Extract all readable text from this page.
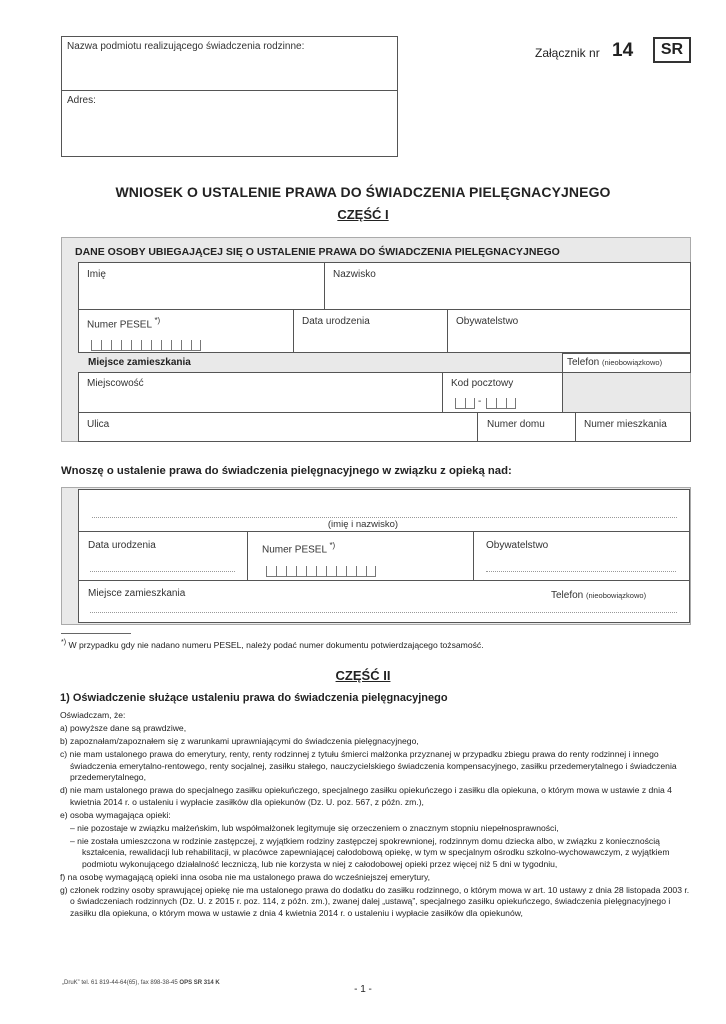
Nazwa podmiotu realizującego świadczenia rodzinne:
Adres:
Załącznik nr 14	SR
WNIOSEK O USTALENIE PRAWA DO ŚWIADCZENIA PIELĘGNACYJNEGO
CZĘŚĆ I
DANE OSOBY UBIEGAJĄCEJ SIĘ O USTALENIE PRAWA DO ŚWIADCZENIA PIELĘGNACYJNEGO
Imię	Nazwisko
Numer PESEL *)	Data urodzenia	Obywatelstwo
Miejsce zamieszkania	Telefon (nieobowiązkowo)
Miejscowość	Kod pocztowy
-
Ulica	Numer domu	Numer mieszkania
Wnoszę o ustalenie prawa do świadczenia pielęgnacyjnego w związku z opieką nad:
(imię i nazwisko)
Data urodzenia	Numer PESEL *)	Obywatelstwo
Miejsce zamieszkania	Telefon (nieobowiązkowo)
*) W przypadku gdy nie nadano numeru PESEL, należy podać numer dokumentu potwierdzającego tożsamość.
CZĘŚĆ II
1) Oświadczenie służące ustaleniu prawa do świadczenia pielęgnacyjnego

Oświadczam, że:

a) powyższe dane są prawdziwe,

b) zapoznałam/zapoznałem się z warunkami uprawniającymi do świadczenia pielęgnacyjnego,

c) nie mam ustalonego prawa do emerytury, renty, renty rodzinnej z tytułu śmierci małżonka przyznanej w przypadku zbiegu prawa do renty rodzinnej i innego świadczenia emerytalno-rentowego, renty socjalnej, zasiłku stałego, nauczycielskiego świadczenia kompensacyjnego, zasiłku przedemerytalnego i świadczenia przedemerytalnego,

d) nie mam ustalonego prawa do specjalnego zasiłku opiekuńczego, specjalnego zasiłku opiekuńczego i zasiłku dla opiekuna, o którym mowa w ustawie z dnia 4 kwietnia 2014 r. o ustaleniu i wypłacie zasiłków dla opiekunów (Dz. U. poz. 567, z późn. zm.),

e) osoba wymagająca opieki:

– nie pozostaje w związku małżeńskim, lub współmałżonek legitymuje się orzeczeniem o znacznym stopniu niepełnosprawności,

– nie została umieszczona w rodzinie zastępczej, z wyjątkiem rodziny zastępczej spokrewnionej, rodzinnym domu dziecka albo, w związku z koniecznością kształcenia, rewalidacji lub rehabilitacji, w placówce zapewniającej całodobową opiekę, w tym w specjalnym ośrodku szkolno-wychowawczym, z wyjątkiem podmiotu wykonującego działalność leczniczą, lub nie korzysta w niej z całodobowej opieki przez więcej niż 5 dni w tygodniu,

f) na osobę wymagającą opieki inna osoba nie ma ustalonego prawa do wcześniejszej emerytury,

g) członek rodziny osoby sprawującej opiekę nie ma ustalonego prawa do dodatku do zasiłku rodzinnego, o którym mowa w art. 10 ustawy z dnia 28 listopada 2003 r. o świadczeniach rodzinnych (Dz. U. z 2015 r. poz. 114, z późn. zm.), zwanej dalej „ustawą”, specjalnego zasiłku opiekuńczego, świadczenia pielęgnacyjnego i zasiłku dla opiekuna, o którym mowa w ustawie z dnia 4 kwietnia 2014 r. o ustaleniu i wypłacie zasiłków dla opiekunów,

„DruK” tel. 61 819-44-64(65), fax 898-38-45 OPS SR 314 K
- 1 -
